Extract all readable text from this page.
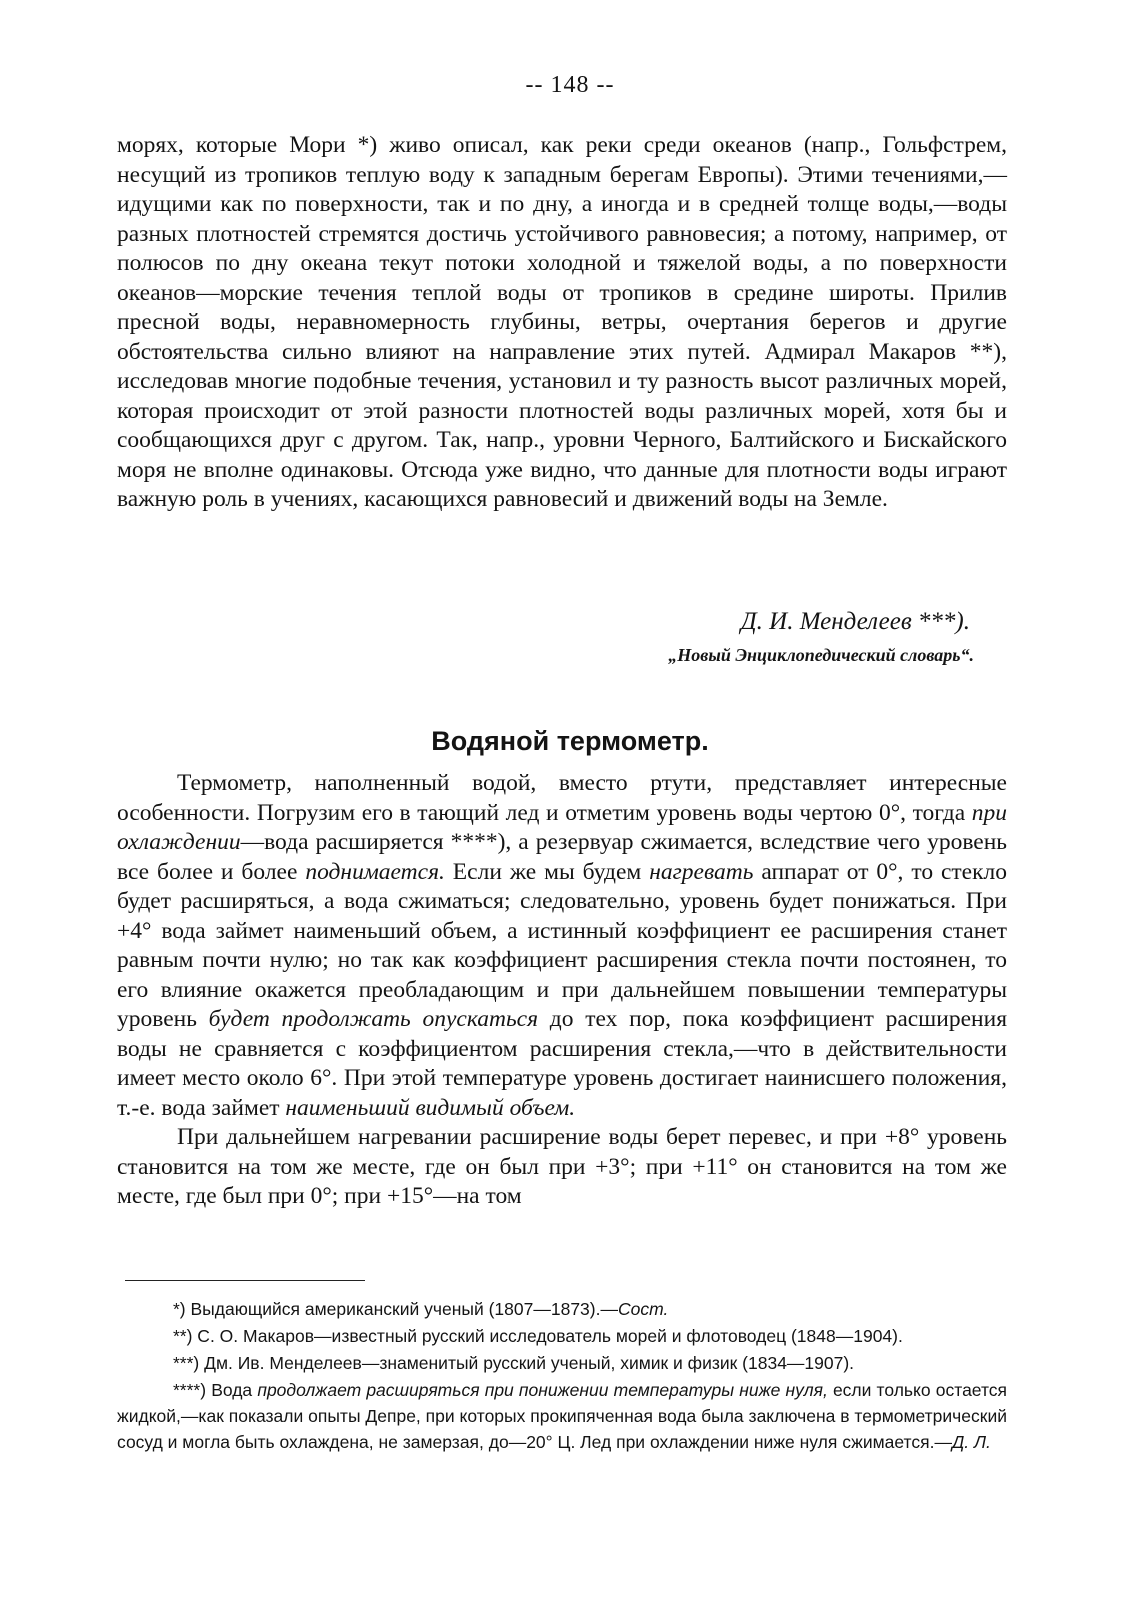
-- 148 --

морях, которые Мори *) живо описал, как реки среди океанов (напр., Гольфстрем, несущий из тропиков теплую воду к западным берегам Европы). Этими течениями,—идущими как по поверхности, так и по дну, а иногда и в средней толще воды,—воды разных плотностей стремятся достичь устойчивого равновесия; а потому, например, от полюсов по дну океана текут потоки холодной и тяжелой воды, а по поверхности океанов—морские течения теплой воды от тропиков в средине широты. Прилив пресной воды, неравномерность глубины, ветры, очертания берегов и другие обстоятельства сильно влияют на направление этих путей. Адмирал Макаров **), исследовав многие подобные течения, установил и ту разность высот различных морей, которая происходит от этой разности плотностей воды различных морей, хотя бы и сообщающихся друг с другом. Так, напр., уровни Черного, Балтийского и Бискайского моря не вполне одинаковы. Отсюда уже видно, что данные для плотности воды играют важную роль в учениях, касающихся равновесий и движений воды на Земле.

Д. И. Менделеев ***).
„Новый Энциклопедический словарь“.
Водяной термометр.

Термометр, наполненный водой, вместо ртути, представляет интересные особенности. Погрузим его в тающий лед и отметим уровень воды чертою 0°, тогда при охлаждении—вода расширяется ****), а резервуар сжимается, вследствие чего уровень все более и более поднимается. Если же мы будем нагревать аппарат от 0°, то стекло будет расширяться, а вода сжиматься; следовательно, уровень будет понижаться. При +4° вода займет наименьший объем, а истинный коэффициент ее расширения станет равным почти нулю; но так как коэффициент расширения стекла почти постоянен, то его влияние окажется преобладающим и при дальнейшем повышении температуры уровень будет продолжать опускаться до тех пор, пока коэффициент расширения воды не сравняется с коэффициентом расширения стекла,—что в действительности имеет место около 6°. При этой температуре уровень достигает наинисшего положения, т.-е. вода займет наименьший видимый объем.

При дальнейшем нагревании расширение воды берет перевес, и при +8° уровень становится на том же месте, где он был при +3°; при +11° он становится на том же месте, где был при 0°; при +15°—на том

*) Выдающийся американский ученый (1807—1873).—Сост.

**) С. О. Макаров—известный русский исследователь морей и флотоводец (1848—1904).

***) Дм. Ив. Менделеев—знаменитый русский ученый, химик и физик (1834—1907).

****) Вода продолжает расширяться при понижении температуры ниже нуля, если только остается жидкой,—как показали опыты Депре, при которых прокипяченная вода была заключена в термометрический сосуд и могла быть охлаждена, не замерзая, до—20° Ц. Лед при охлаждении ниже нуля сжимается.—Д. Л.
